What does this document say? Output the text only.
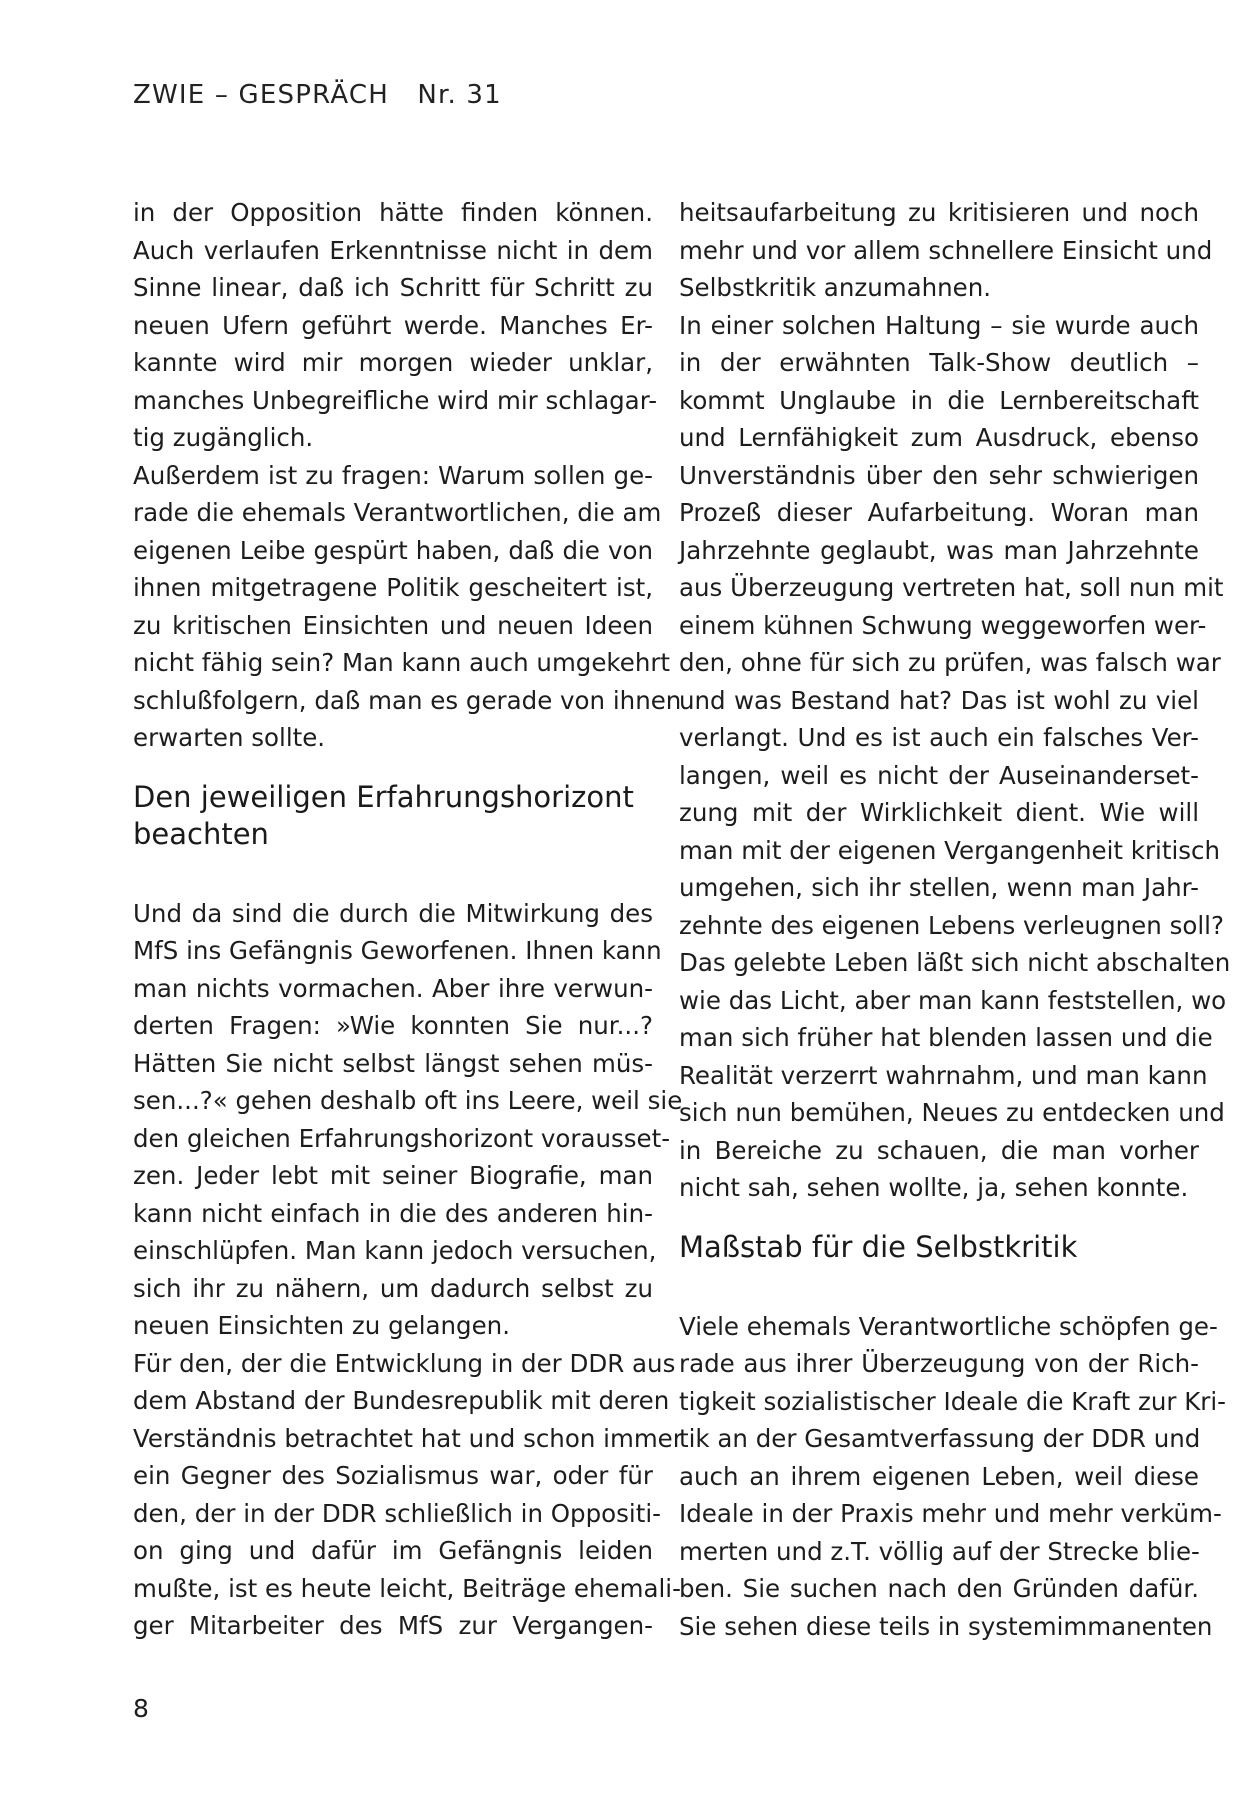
ZWIE – GESPRÄCH   Nr. 31
in der Opposition hätte finden können.
Auch verlaufen Erkenntnisse nicht in dem
Sinne linear, daß ich Schritt für Schritt zu
neuen Ufern geführt werde. Manches Er-
kannte wird mir morgen wieder unklar,
manches Unbegreifliche wird mir schlagar-
tig zugänglich.
Außerdem ist zu fragen: Warum sollen ge-
rade die ehemals Verantwortlichen, die am
eigenen Leibe gespürt haben, daß die von
ihnen mitgetragene Politik gescheitert ist,
zu kritischen Einsichten und neuen Ideen
nicht fähig sein? Man kann auch umgekehrt
schlußfolgern, daß man es gerade von ihnen
erwarten sollte.
Den jeweiligen Erfahrungshorizont
beachten
Und da sind die durch die Mitwirkung des
MfS ins Gefängnis Geworfenen. Ihnen kann
man nichts vormachen. Aber ihre verwun-
derten Fragen: »Wie konnten Sie nur...?
Hätten Sie nicht selbst längst sehen müs-
sen...?« gehen deshalb oft ins Leere, weil sie
den gleichen Erfahrungshorizont vorausset-
zen. Jeder lebt mit seiner Biografie, man
kann nicht einfach in die des anderen hin-
einschlüpfen. Man kann jedoch versuchen,
sich ihr zu nähern, um dadurch selbst zu
neuen Einsichten zu gelangen.
Für den, der die Entwicklung in der DDR aus
dem Abstand der Bundesrepublik mit deren
Verständnis betrachtet hat und schon immer
ein Gegner des Sozialismus war, oder für
den, der in der DDR schließlich in Oppositi-
on ging und dafür im Gefängnis leiden
mußte, ist es heute leicht, Beiträge ehemali-
ger Mitarbeiter des MfS zur Vergangen-
heitsaufarbeitung zu kritisieren und noch
mehr und vor allem schnellere Einsicht und
Selbstkritik anzumahnen.
In einer solchen Haltung – sie wurde auch
in der erwähnten Talk-Show deutlich –
kommt Unglaube in die Lernbereitschaft
und Lernfähigkeit zum Ausdruck, ebenso
Unverständnis über den sehr schwierigen
Prozeß dieser Aufarbeitung. Woran man
Jahrzehnte geglaubt, was man Jahrzehnte
aus Überzeugung vertreten hat, soll nun mit
einem kühnen Schwung weggeworfen wer-
den, ohne für sich zu prüfen, was falsch war
und was Bestand hat? Das ist wohl zu viel
verlangt. Und es ist auch ein falsches Ver-
langen, weil es nicht der Auseinanderset-
zung mit der Wirklichkeit dient. Wie will
man mit der eigenen Vergangenheit kritisch
umgehen, sich ihr stellen, wenn man Jahr-
zehnte des eigenen Lebens verleugnen soll?
Das gelebte Leben läßt sich nicht abschalten
wie das Licht, aber man kann feststellen, wo
man sich früher hat blenden lassen und die
Realität verzerrt wahrnahm, und man kann
sich nun bemühen, Neues zu entdecken und
in Bereiche zu schauen, die man vorher
nicht sah, sehen wollte, ja, sehen konnte.
Maßstab für die Selbstkritik
Viele ehemals Verantwortliche schöpfen ge-
rade aus ihrer Überzeugung von der Rich-
tigkeit sozialistischer Ideale die Kraft zur Kri-
tik an der Gesamtverfassung der DDR und
auch an ihrem eigenen Leben, weil diese
Ideale in der Praxis mehr und mehr verküm-
merten und z.T. völlig auf der Strecke blie-
ben. Sie suchen nach den Gründen dafür.
Sie sehen diese teils in systemimmanenten
8
